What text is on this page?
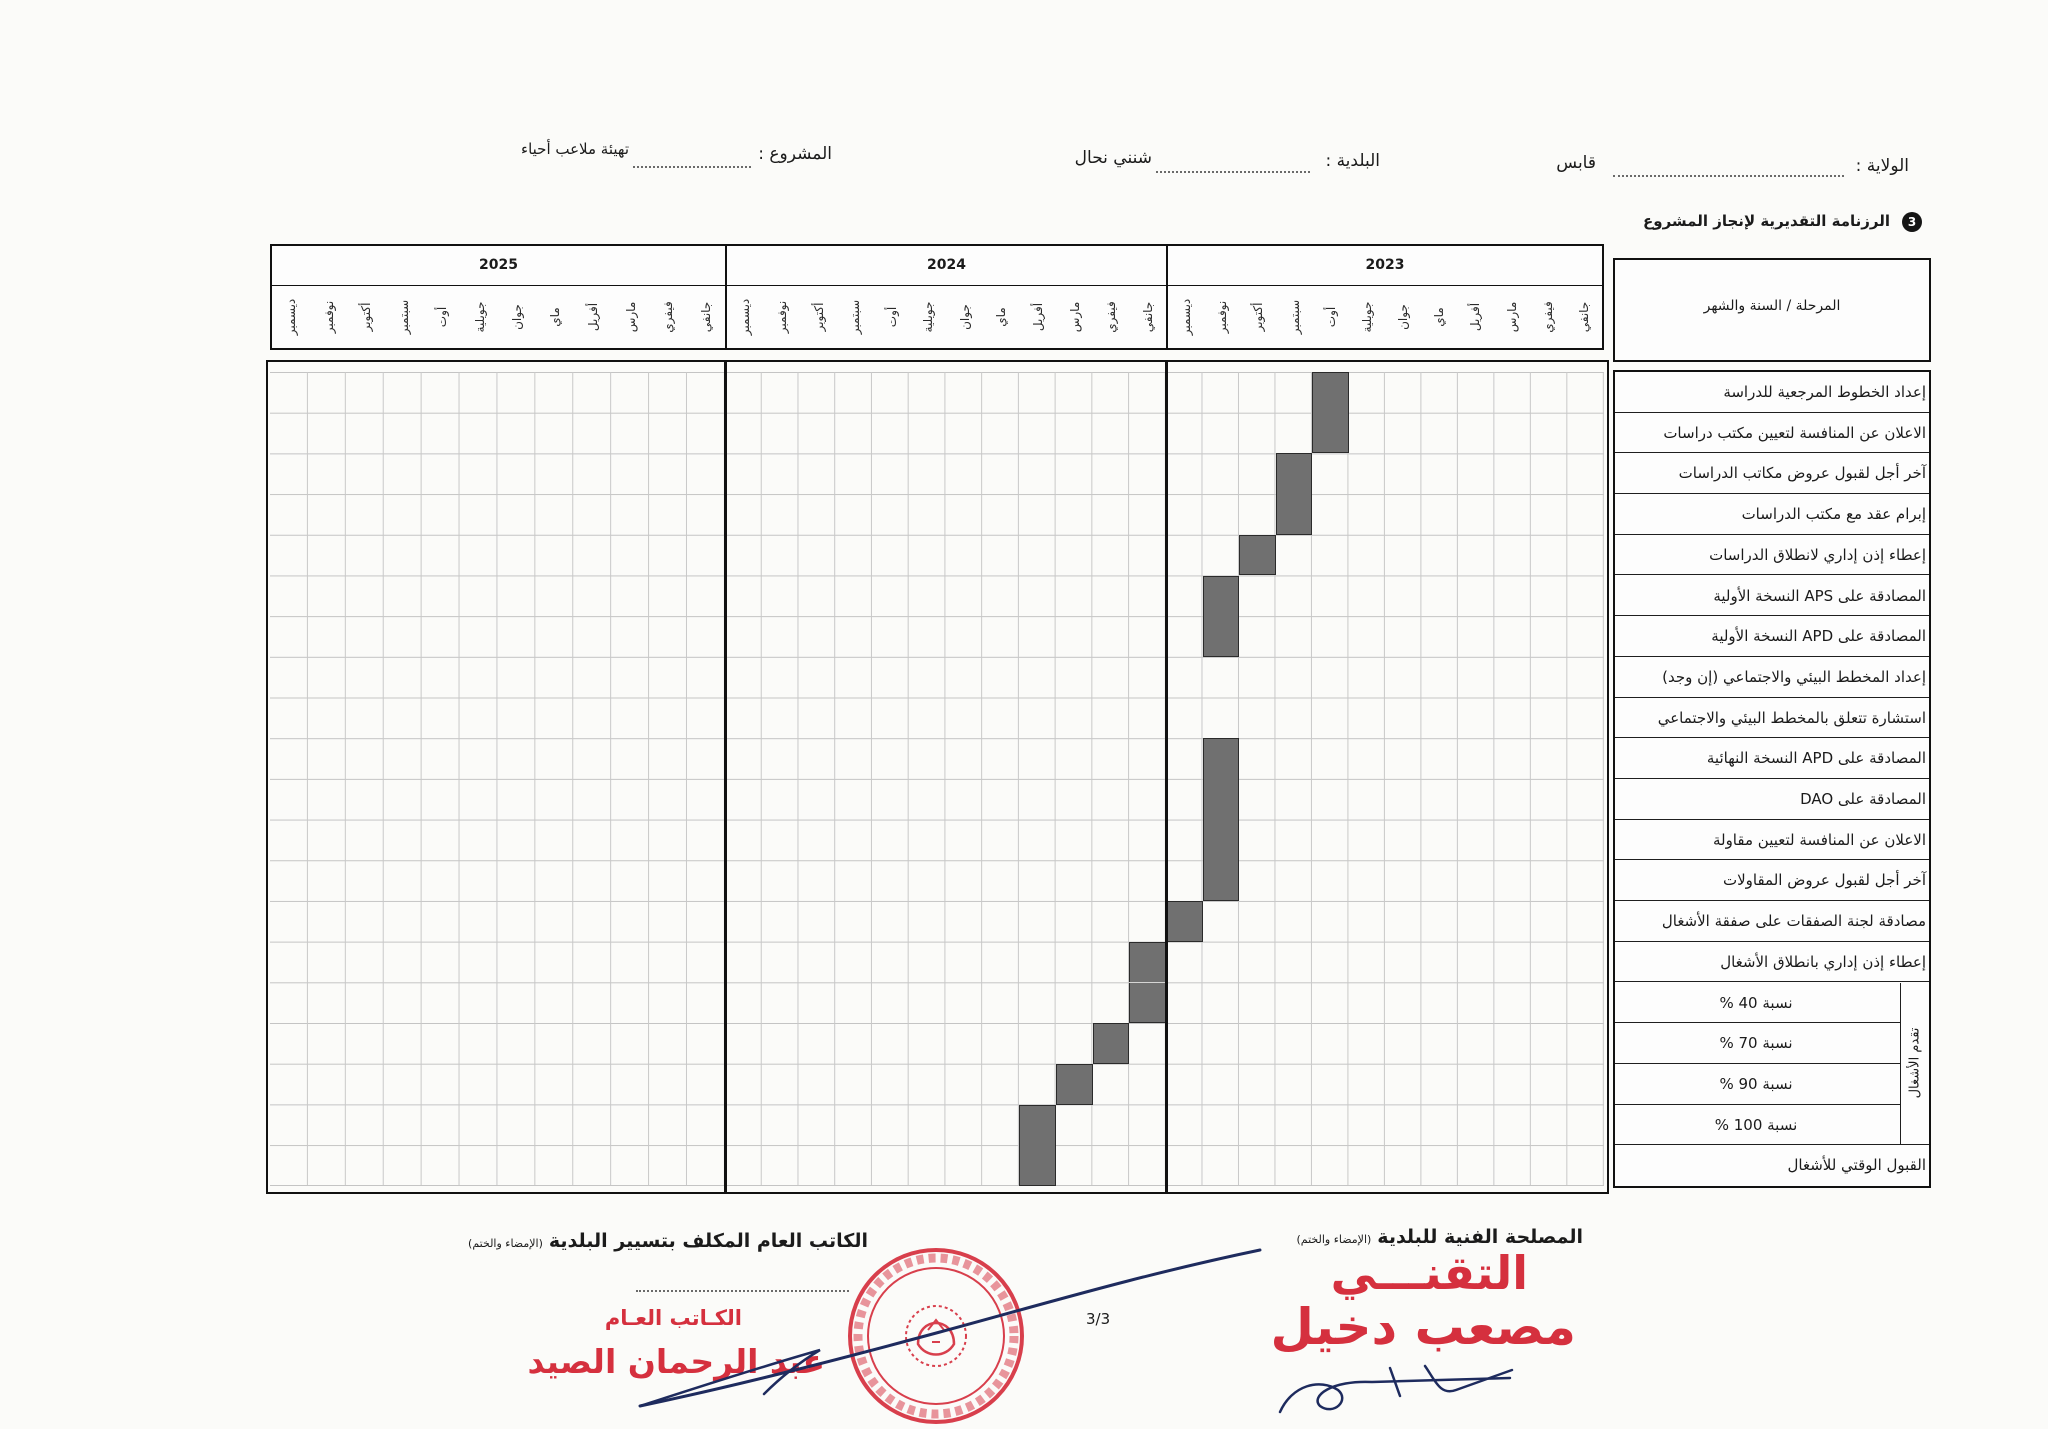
الولاية :
قابس
البلدية :
شنني نحال
المشروع :
تهيئة ملاعب أحياء
3
الرزنامة التقديرية لإنجاز المشروع
2025
جانفي
فيفري
مارس
أفريل
ماي
جوان
جويلية
أوت
سبتمبر
أكتوبر
نوفمبر
ديسمبر
2024
جانفي
فيفري
مارس
أفريل
ماي
جوان
جويلية
أوت
سبتمبر
أكتوبر
نوفمبر
ديسمبر
2023
جانفي
فيفري
مارس
أفريل
ماي
جوان
جويلية
أوت
سبتمبر
أكتوبر
نوفمبر
ديسمبر	المرحلة / السنة والشهر
تقدم الأشغال
إعداد الخطوط المرجعية للدراسة
الاعلان عن المنافسة لتعيين مكتب دراسات
آخر أجل لقبول عروض مكاتب الدراسات
إبرام عقد مع مكتب الدراسات
إعطاء إذن إداري لانطلاق الدراسات
المصادقة على APS النسخة الأولية
المصادقة على APD النسخة الأولية
إعداد المخطط البيئي والاجتماعي (إن وجد)
استشارة تتعلق بالمخطط البيئي والاجتماعي
المصادقة على APD النسخة النهائية
المصادقة على DAO
الاعلان عن المنافسة لتعيين مقاولة
آخر أجل لقبول عروض المقاولات
مصادقة لجنة الصفقات على صفقة الأشغال
إعطاء إذن إداري بانطلاق الأشغال
نسبة 40 %
نسبة 70 %
نسبة 90 %
نسبة 100 %
القبول الوقتي للأشغال
المصلحة الفنية للبلدية(الإمضاء والختم)
الكاتب العام المكلف بتسيير البلدية(الإمضاء والختم)
3/3
التقنـــي
مصعب دخيل
الكـاتب العـام
عبد الرحمان الصيد
